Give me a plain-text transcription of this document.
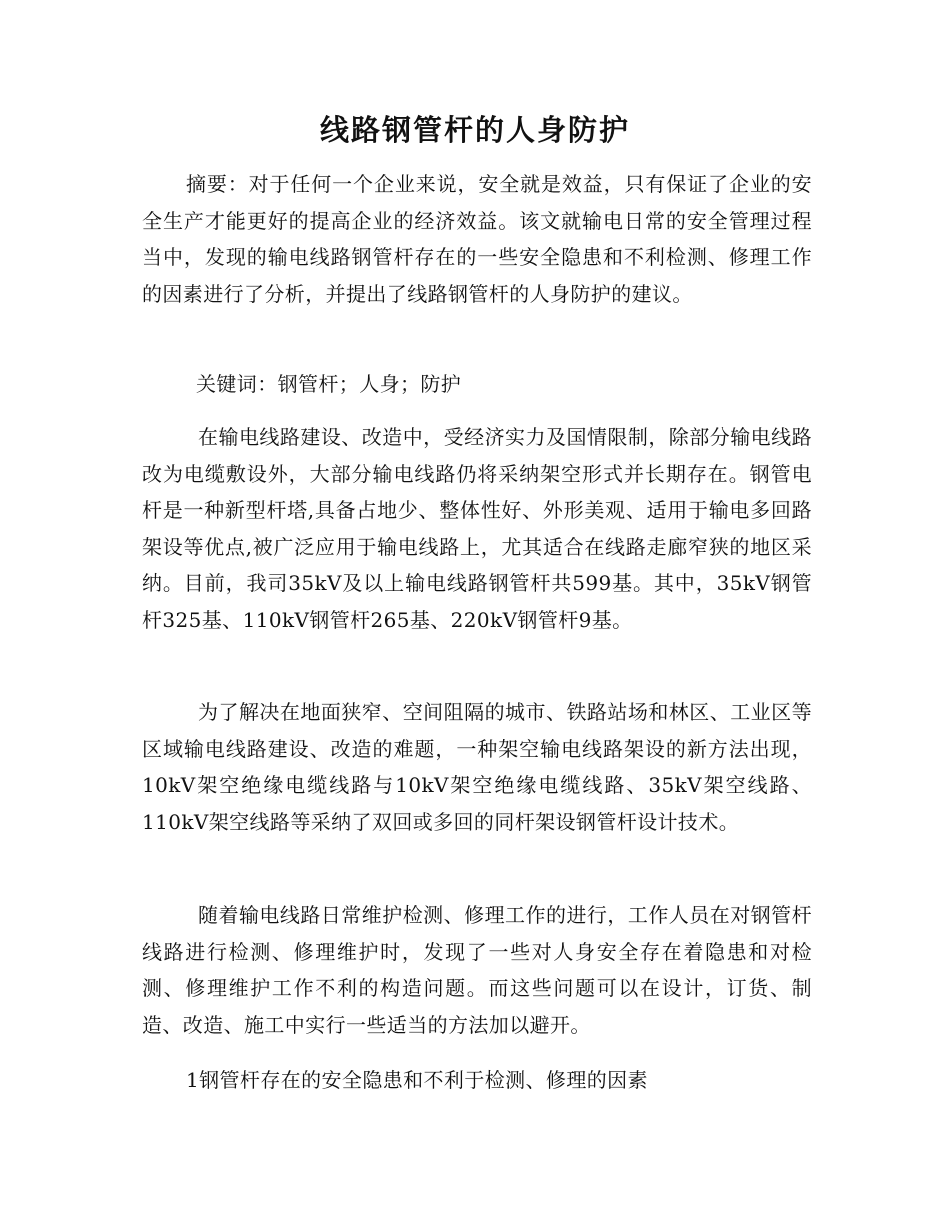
线路钢管杆的人身防护

摘要：对于任何一个企业来说，安全就是效益，只有保证了企业的安全生产才能更好的提高企业的经济效益。该文就输电日常的安全管理过程当中，发现的输电线路钢管杆存在的一些安全隐患和不利检测、修理工作的因素进行了分析，并提出了线路钢管杆的人身防护的建议。

关键词：钢管杆；人身；防护

在输电线路建设、改造中，受经济实力及国情限制，除部分输电线路改为电缆敷设外，大部分输电线路仍将采纳架空形式并长期存在。钢管电杆是一种新型杆塔,具备占地少、整体性好、外形美观、适用于输电多回路架设等优点,被广泛应用于输电线路上，尤其适合在线路走廊窄狭的地区采纳。目前，我司35kV及以上输电线路钢管杆共599基。其中，35kV钢管杆325基、110kV钢管杆265基、220kV钢管杆9基。

为了解决在地面狭窄、空间阻隔的城市、铁路站场和林区、工业区等区域输电线路建设、改造的难题，一种架空输电线路架设的新方法出现，10kV架空绝缘电缆线路与10kV架空绝缘电缆线路、35kV架空线路、110kV架空线路等采纳了双回或多回的同杆架设钢管杆设计技术。

随着输电线路日常维护检测、修理工作的进行，工作人员在对钢管杆线路进行检测、修理维护时，发现了一些对人身安全存在着隐患和对检测、修理维护工作不利的构造问题。而这些问题可以在设计，订货、制造、改造、施工中实行一些适当的方法加以避开。

1钢管杆存在的安全隐患和不利于检测、修理的因素
